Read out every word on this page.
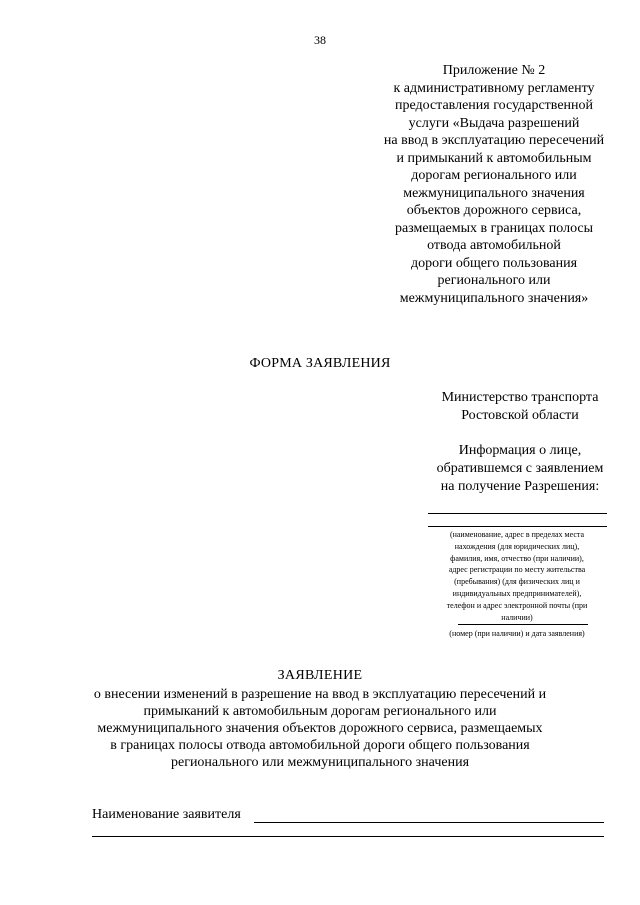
38
Приложение № 2
к административному регламенту
предоставления государственной
услуги «Выдача разрешений
на ввод в эксплуатацию пересечений
и примыканий к автомобильным
дорогам регионального или
межмуниципального значения
объектов дорожного сервиса,
размещаемых в границах полосы
отвода автомобильной
дороги общего пользования
регионального или
межмуниципального значения»
ФОРМА ЗАЯВЛЕНИЯ
Министерство транспорта
Ростовской области
Информация о лице,
обратившемся с заявлением
на получение Разрешения:
(наименование, адрес в пределах места
нахождения (для юридических лиц),
фамилия, имя, отчество (при наличии),
адрес регистрации по месту жительства
(пребывания) (для физических лиц и
индивидуальных предпринимателей),
телефон и адрес электронной почты (при
наличии)
(номер (при наличии) и дата заявления)
ЗАЯВЛЕНИЕ
о внесении изменений в разрешение на ввод в эксплуатацию пересечений и
примыканий к автомобильным дорогам регионального или
межмуниципального значения объектов дорожного сервиса, размещаемых
в границах полосы отвода автомобильной дороги общего пользования
регионального или межмуниципального значения
Наименование заявителя
